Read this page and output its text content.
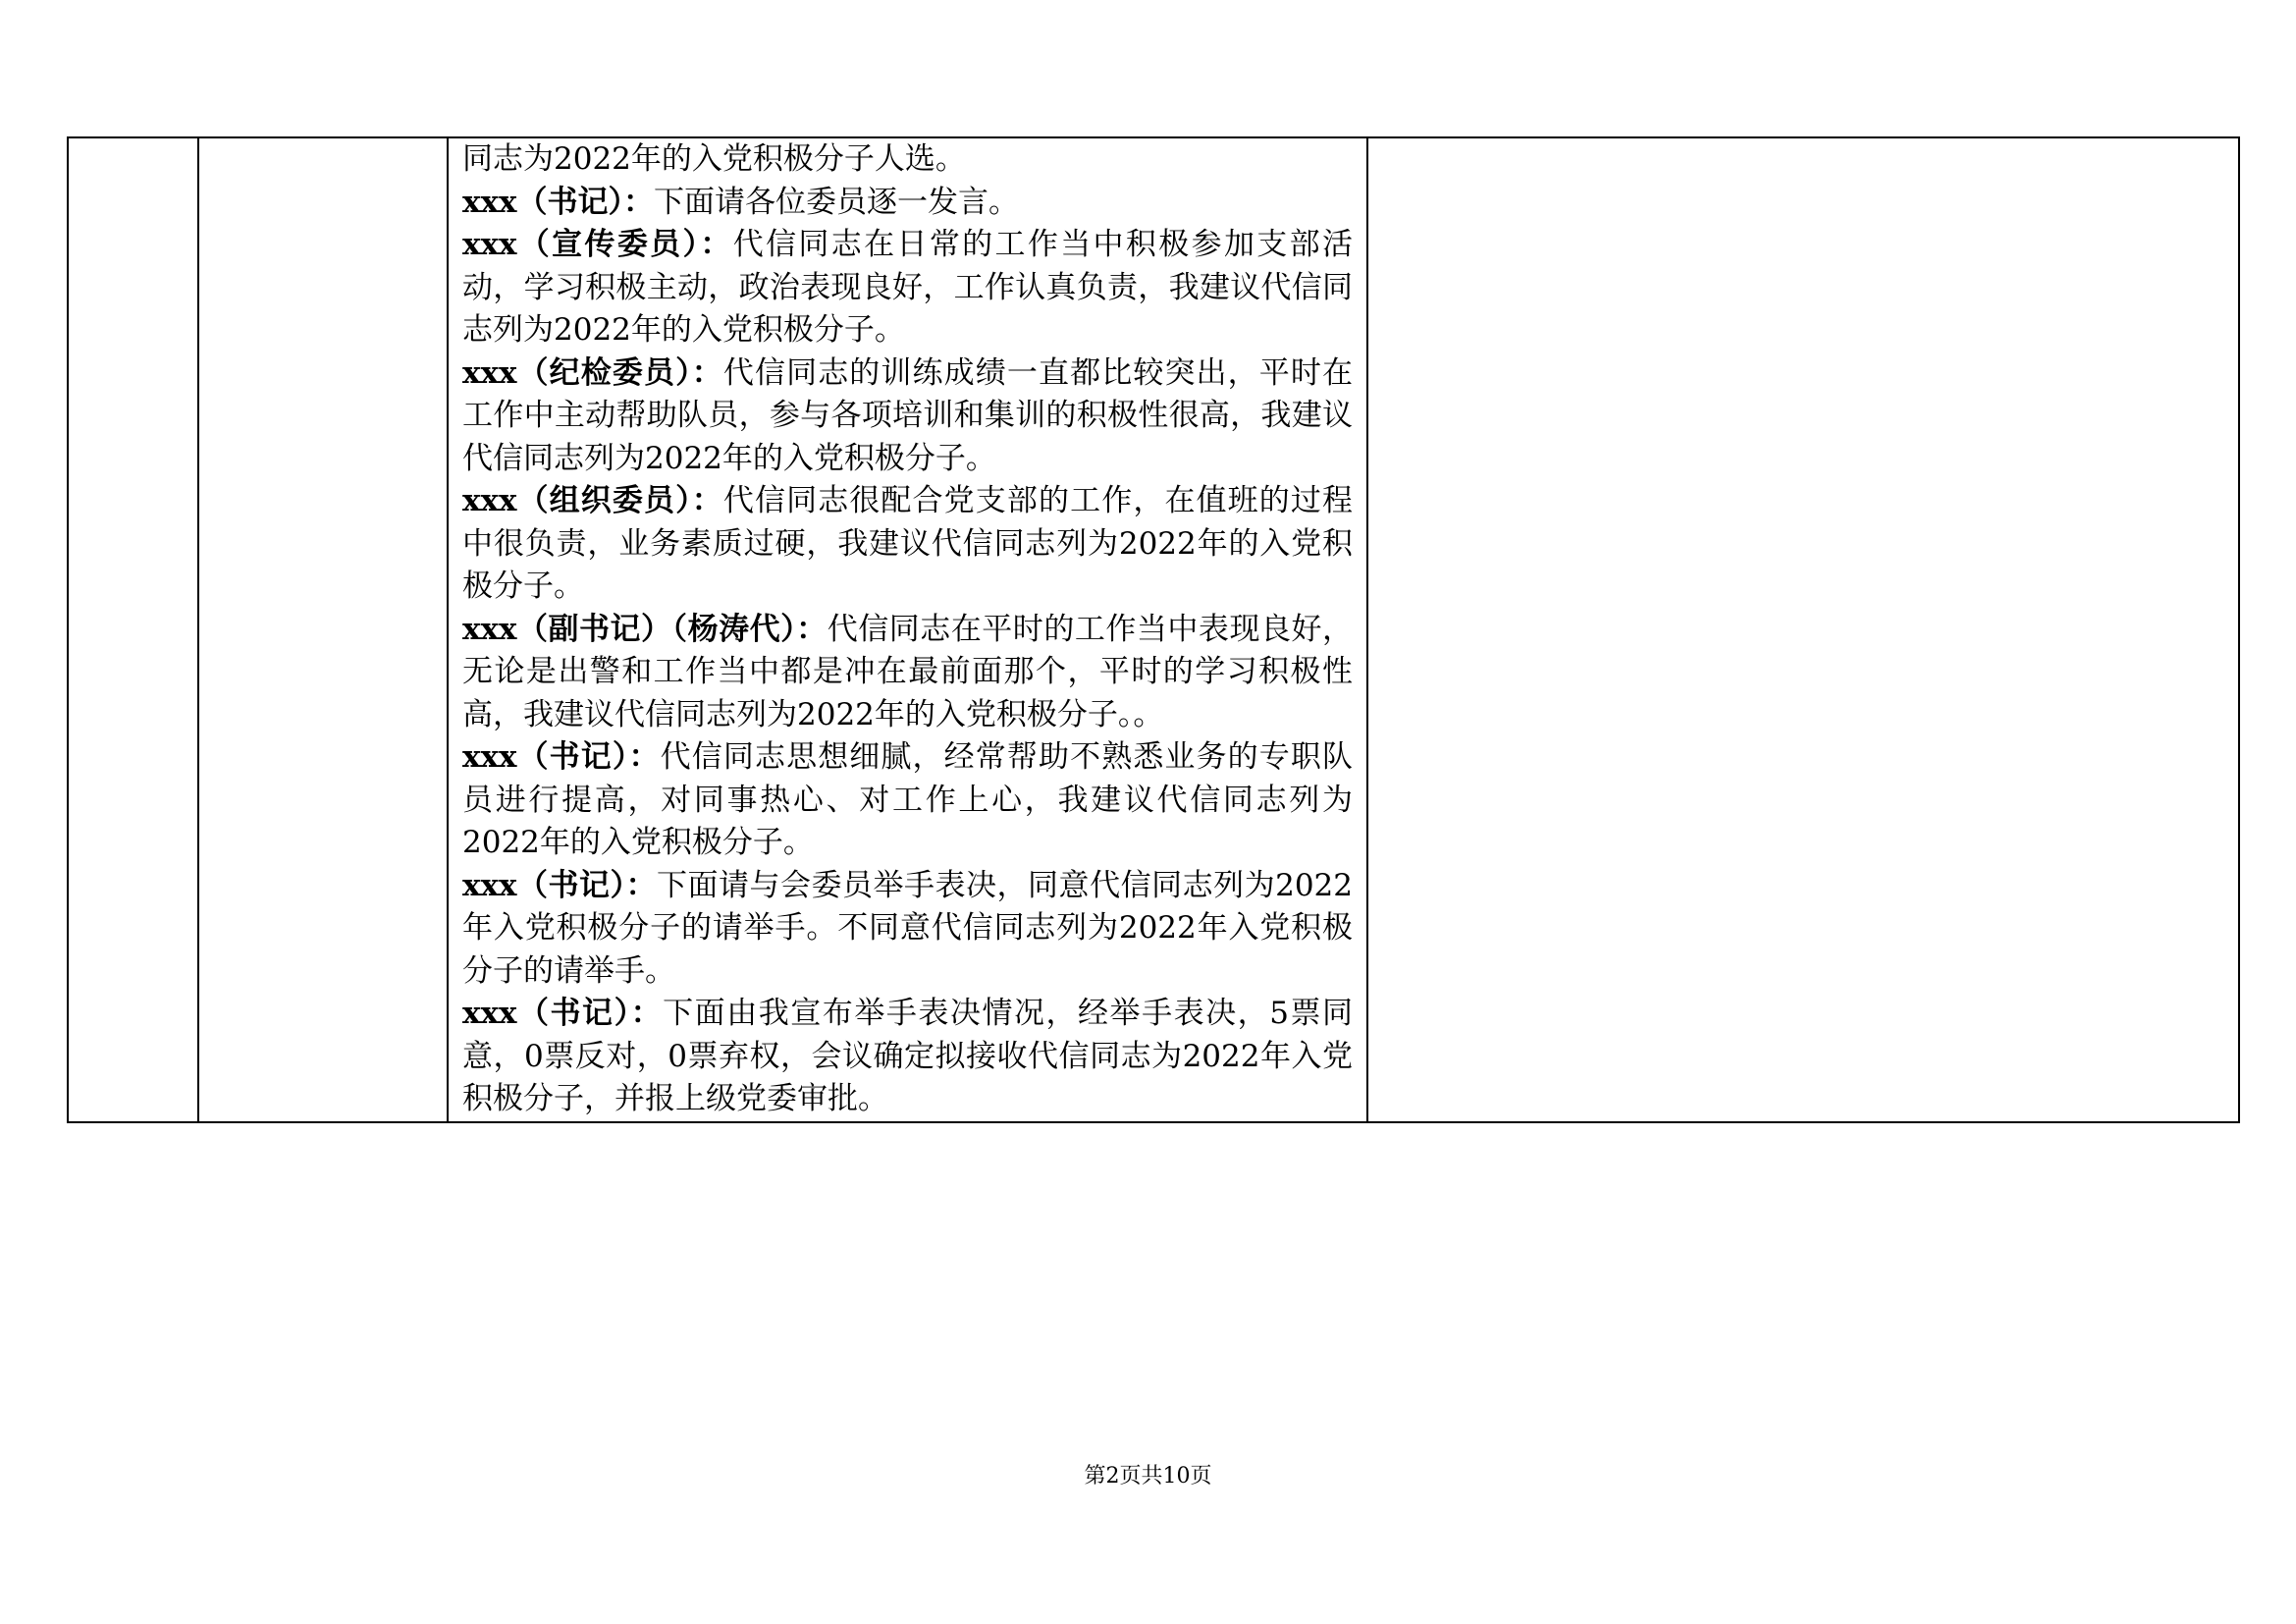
同志为2022年的入党积极分子人选。

xxx（书记）：下面请各位委员逐一发言。

xxx（宣传委员）：代信同志在日常的工作当中积极参加支部活动，学习积极主动，政治表现良好，工作认真负责，我建议代信同志列为2022年的入党积极分子。

xxx（纪检委员）：代信同志的训练成绩一直都比较突出，平时在工作中主动帮助队员，参与各项培训和集训的积极性很高，我建议代信同志列为2022年的入党积极分子。

xxx（组织委员）：代信同志很配合党支部的工作，在值班的过程中很负责，业务素质过硬，我建议代信同志列为2022年的入党积极分子。

xxx（副书记）（杨涛代）：代信同志在平时的工作当中表现良好，无论是出警和工作当中都是冲在最前面那个，平时的学习积极性高，我建议代信同志列为2022年的入党积极分子。。

xxx（书记）：代信同志思想细腻，经常帮助不熟悉业务的专职队员进行提高，对同事热心、对工作上心，我建议代信同志列为2022年的入党积极分子。

xxx（书记）：下面请与会委员举手表决，同意代信同志列为2022年入党积极分子的请举手。不同意代信同志列为2022年入党积极分子的请举手。

xxx（书记）：下面由我宣布举手表决情况，经举手表决，5票同意，0票反对，0票弃权，会议确定拟接收代信同志为2022年入党积极分子，并报上级党委审批。

第2页共10页
